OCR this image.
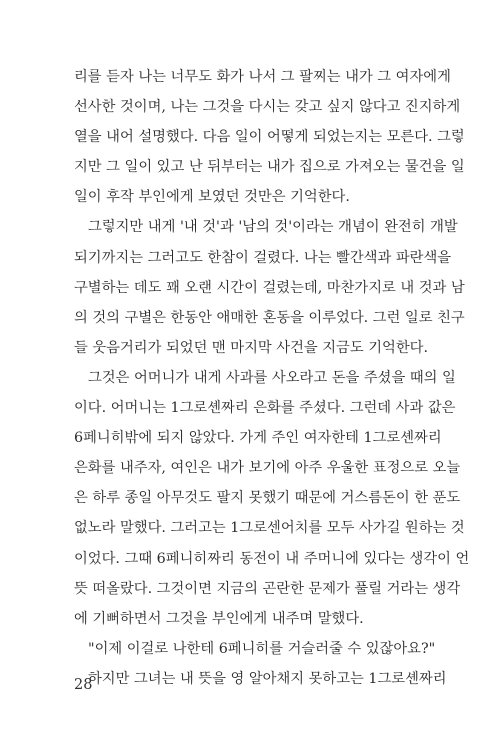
리를 듣자 나는 너무도 화가 나서 그 팔찌는 내가 그 여자에게
선사한 것이며, 나는 그것을 다시는 갖고 싶지 않다고 진지하게
열을 내어 설명했다. 다음 일이 어떻게 되었는지는 모른다. 그렇
지만 그 일이 있고 난 뒤부터는 내가 집으로 가져오는 물건을 일
일이 후작 부인에게 보였던 것만은 기억한다.

그렇지만 내게 '내 것'과 '남의 것'이라는 개념이 완전히 개발
되기까지는 그러고도 한참이 걸렸다. 나는 빨간색과 파란색을
구별하는 데도 꽤 오랜 시간이 걸렸는데, 마찬가지로 내 것과 남
의 것의 구별은 한동안 애매한 혼동을 이루었다. 그런 일로 친구
들 웃음거리가 되었던 맨 마지막 사건을 지금도 기억한다.

그것은 어머니가 내게 사과를 사오라고 돈을 주셨을 때의 일
이다. 어머니는 1그로셴짜리 은화를 주셨다. 그런데 사과 값은
6페니히밖에 되지 않았다. 가게 주인 여자한테 1그로셴짜리
은화를 내주자, 여인은 내가 보기에 아주 우울한 표정으로 오늘
은 하루 종일 아무것도 팔지 못했기 때문에 거스름돈이 한 푼도
없노라 말했다. 그러고는 1그로센어치를 모두 사가길 원하는 것
이었다. 그때 6페니히짜리 동전이 내 주머니에 있다는 생각이 언
뜻 떠올랐다. 그것이면 지금의 곤란한 문제가 풀릴 거라는 생각
에 기뻐하면서 그것을 부인에게 내주며 말했다.

"이제 이걸로 나한테 6페니히를 거슬러줄 수 있잖아요?"

하지만 그녀는 내 뜻을 영 알아채지 못하고는 1그로셴짜리

28
